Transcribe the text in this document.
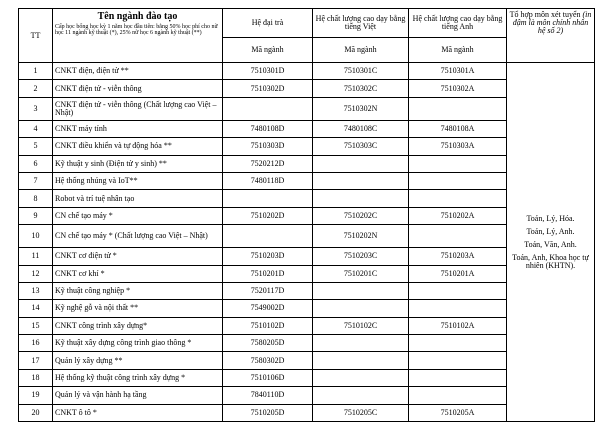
TT	Tên ngành đào tạo
Cấp học bổng học kỳ 1 năm học đầu tiên: bằng 50% học phí cho nữ học 11 ngành kỹ thuật (*), 25% nữ học 6 ngành kỹ thuật (**)	Hệ đại trà	Hệ chất lượng cao dạy bằng tiếng Việt	Hệ chất lượng cao dạy bằng tiếng Anh	Tổ hợp môn xét tuyển (in đậm là môn chính nhân hệ số 2)
		Mã ngành	Mã ngành	Mã ngành	
1	CNKT điện, điện tử **	7510301D	7510301C	7510301A	Toán, Lý, Hóa.
Toán, Lý, Anh.
Toán, Văn, Anh.
Toán, Anh, Khoa học tự nhiên (KHTN).

2	CNKT điện tử - viễn thông	7510302D	7510302C	7510302A	
3	CNKT điện tử - viễn thông (Chất lượng cao Việt – Nhật)		7510302N		
4	CNKT máy tính	7480108D	7480108C	7480108A	
5	CNKT điều khiển và tự động hóa **	7510303D	7510303C	7510303A	
6	Kỹ thuật y sinh (Điện tử y sinh) **	7520212D			
7	Hệ thống nhúng và IoT**	7480118D			
8	Robot và trí tuệ nhân tạo				
9	CN chế tạo máy *	7510202D	7510202C	7510202A	
10	CN chế tạo máy * (Chất lượng cao Việt – Nhật)		7510202N		
11	CNKT cơ điện tử *	7510203D	7510203C	7510203A	
12	CNKT cơ khí *	7510201D	7510201C	7510201A	
13	Kỹ thuật công nghiệp *	7520117D			
14	Kỹ nghệ gỗ và nội thất **	7549002D			
15	CNKT công trình xây dựng*	7510102D	7510102C	7510102A	
16	Kỹ thuật xây dựng công trình giao thông *	7580205D			
17	Quản lý xây dựng **	7580302D			
18	Hệ thống kỹ thuật công trình xây dựng *	7510106D			
19	Quản lý và vận hành hạ tầng	7840110D			
20	CNKT ô tô *	7510205D	7510205C	7510205A	
